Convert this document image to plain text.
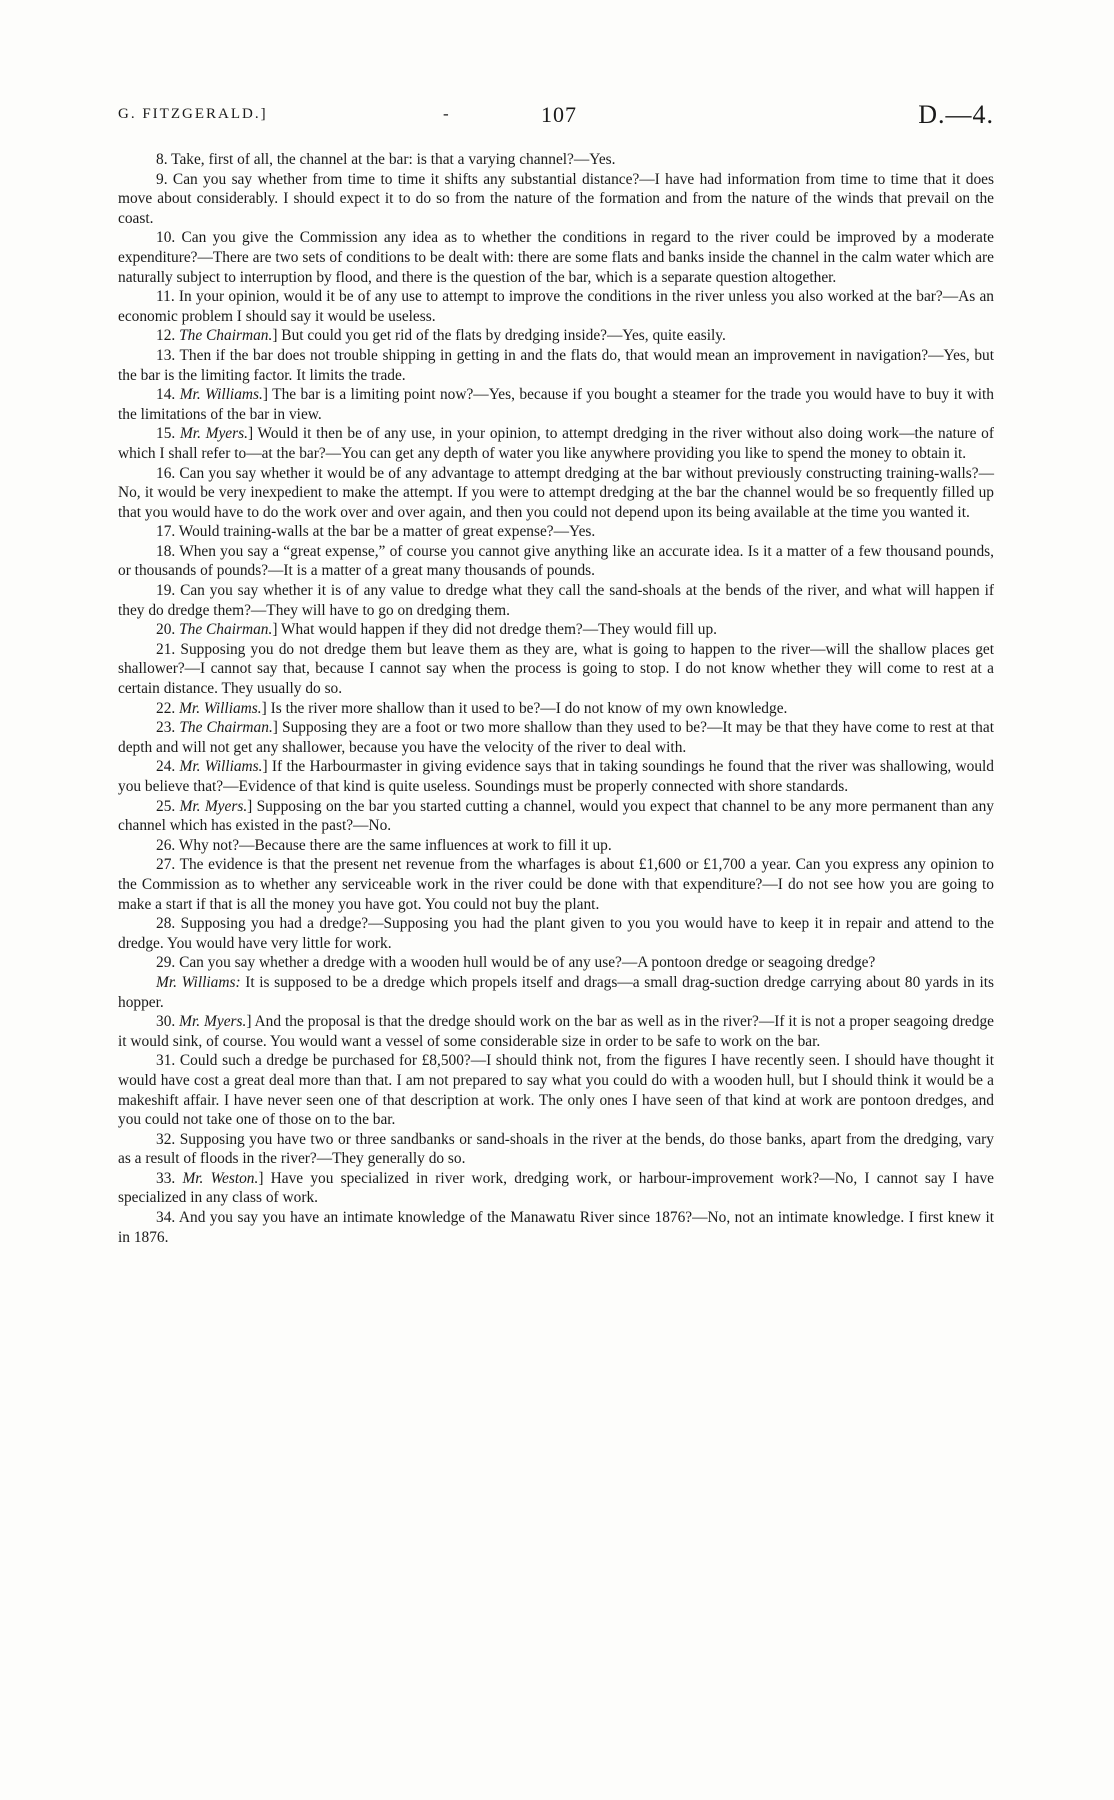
G. FITZGERALD.]	-	107	D.—4.

8. Take, first of all, the channel at the bar: is that a varying channel?—Yes.

9. Can you say whether from time to time it shifts any substantial distance?—I have had information from time to time that it does move about considerably. I should expect it to do so from the nature of the formation and from the nature of the winds that prevail on the coast.

10. Can you give the Commission any idea as to whether the conditions in regard to the river could be improved by a moderate expenditure?—There are two sets of conditions to be dealt with: there are some flats and banks inside the channel in the calm water which are naturally subject to interruption by flood, and there is the question of the bar, which is a separate question altogether.

11. In your opinion, would it be of any use to attempt to improve the conditions in the river unless you also worked at the bar?—As an economic problem I should say it would be useless.

12. The Chairman.] But could you get rid of the flats by dredging inside?—Yes, quite easily.

13. Then if the bar does not trouble shipping in getting in and the flats do, that would mean an improvement in navigation?—Yes, but the bar is the limiting factor. It limits the trade.

14. Mr. Williams.] The bar is a limiting point now?—Yes, because if you bought a steamer for the trade you would have to buy it with the limitations of the bar in view.

15. Mr. Myers.] Would it then be of any use, in your opinion, to attempt dredging in the river without also doing work—the nature of which I shall refer to—at the bar?—You can get any depth of water you like anywhere providing you like to spend the money to obtain it.

16. Can you say whether it would be of any advantage to attempt dredging at the bar without previously constructing training-walls?—No, it would be very inexpedient to make the attempt. If you were to attempt dredging at the bar the channel would be so frequently filled up that you would have to do the work over and over again, and then you could not depend upon its being available at the time you wanted it.

17. Would training-walls at the bar be a matter of great expense?—Yes.

18. When you say a “great expense,” of course you cannot give anything like an accurate idea. Is it a matter of a few thousand pounds, or thousands of pounds?—It is a matter of a great many thousands of pounds.

19. Can you say whether it is of any value to dredge what they call the sand-shoals at the bends of the river, and what will happen if they do dredge them?—They will have to go on dredging them.

20. The Chairman.] What would happen if they did not dredge them?—They would fill up.

21. Supposing you do not dredge them but leave them as they are, what is going to happen to the river—will the shallow places get shallower?—I cannot say that, because I cannot say when the process is going to stop. I do not know whether they will come to rest at a certain distance. They usually do so.

22. Mr. Williams.] Is the river more shallow than it used to be?—I do not know of my own knowledge.

23. The Chairman.] Supposing they are a foot or two more shallow than they used to be?—It may be that they have come to rest at that depth and will not get any shallower, because you have the velocity of the river to deal with.

24. Mr. Williams.] If the Harbourmaster in giving evidence says that in taking soundings he found that the river was shallowing, would you believe that?—Evidence of that kind is quite useless. Soundings must be properly connected with shore standards.

25. Mr. Myers.] Supposing on the bar you started cutting a channel, would you expect that channel to be any more permanent than any channel which has existed in the past?—No.

26. Why not?—Because there are the same influences at work to fill it up.

27. The evidence is that the present net revenue from the wharfages is about £1,600 or £1,700 a year. Can you express any opinion to the Commission as to whether any serviceable work in the river could be done with that expenditure?—I do not see how you are going to make a start if that is all the money you have got. You could not buy the plant.

28. Supposing you had a dredge?—Supposing you had the plant given to you you would have to keep it in repair and attend to the dredge. You would have very little for work.

29. Can you say whether a dredge with a wooden hull would be of any use?—A pontoon dredge or seagoing dredge?

Mr. Williams: It is supposed to be a dredge which propels itself and drags—a small drag-suction dredge carrying about 80 yards in its hopper.

30. Mr. Myers.] And the proposal is that the dredge should work on the bar as well as in the river?—If it is not a proper seagoing dredge it would sink, of course. You would want a vessel of some considerable size in order to be safe to work on the bar.

31. Could such a dredge be purchased for £8,500?—I should think not, from the figures I have recently seen. I should have thought it would have cost a great deal more than that. I am not prepared to say what you could do with a wooden hull, but I should think it would be a makeshift affair. I have never seen one of that description at work. The only ones I have seen of that kind at work are pontoon dredges, and you could not take one of those on to the bar.

32. Supposing you have two or three sandbanks or sand-shoals in the river at the bends, do those banks, apart from the dredging, vary as a result of floods in the river?—They generally do so.

33. Mr. Weston.] Have you specialized in river work, dredging work, or harbour-improvement work?—No, I cannot say I have specialized in any class of work.

34. And you say you have an intimate knowledge of the Manawatu River since 1876?—No, not an intimate knowledge. I first knew it in 1876.
